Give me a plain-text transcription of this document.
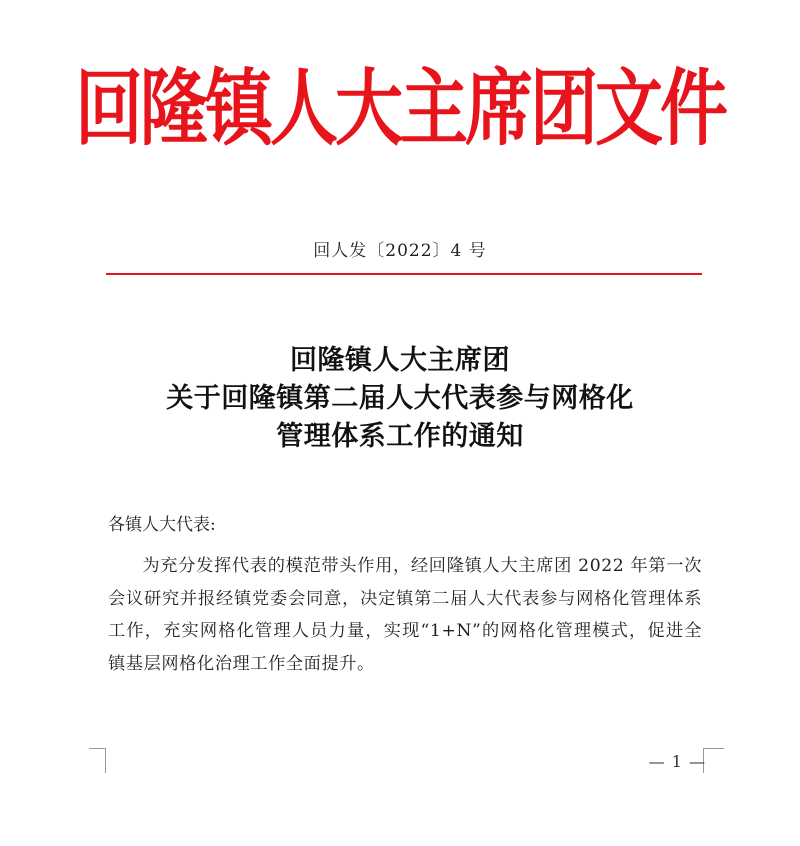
回隆镇人大主席团文件
回人发〔2022〕4 号
回隆镇人大主席团
关于回隆镇第二届人大代表参与网格化
管理体系工作的通知
各镇人大代表:
为充分发挥代表的模范带头作用，经回隆镇人大主席团 2022 年第一次会议研究并报经镇党委会同意，决定镇第二届人大代表参与网格化管理体系工作，充实网格化管理人员力量，实现“1+N”的网格化管理模式，促进全镇基层网格化治理工作全面提升。
— 1 —
